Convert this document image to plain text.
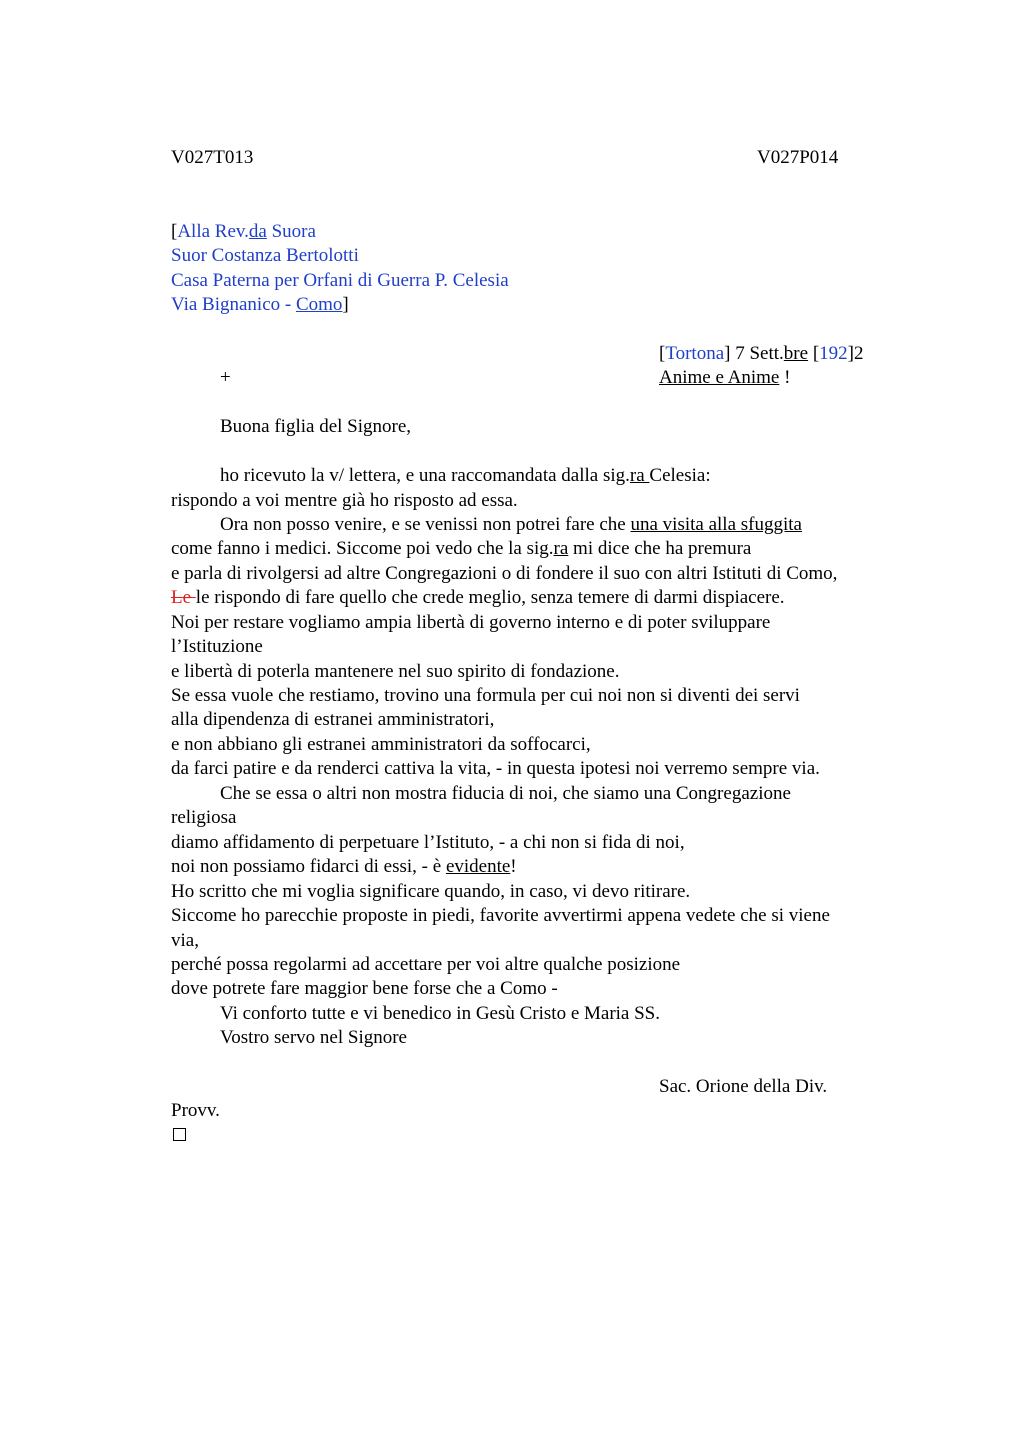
V027T013	V027P014
[Alla Rev.da Suora
Suor Costanza Bertolotti
Casa Paterna per Orfani di Guerra P. Celesia
Via Bignanico - Como]
[Tortona] 7 Sett.bre [192]2
+	Anime e Anime !
Buona figlia del Signore,
ho ricevuto la v/ lettera, e una raccomandata dalla sig.ra Celesia:
rispondo a voi mentre già ho risposto ad essa.
Ora non posso venire, e se venissi non potrei fare che una visita alla sfuggita
come fanno i medici. Siccome poi vedo che la sig.ra mi dice che ha premura
e parla di rivolgersi ad altre Congregazioni o di fondere il suo con altri Istituti di Como,
Le le rispondo di fare quello che crede meglio, senza temere di darmi dispiacere.
Noi per restare vogliamo ampia libertà di governo interno e di poter sviluppare
l’Istituzione
e libertà di poterla mantenere nel suo spirito di fondazione.
Se essa vuole che restiamo, trovino una formula per cui noi non si diventi dei servi
alla dipendenza di estranei amministratori,
e non abbiano gli estranei amministratori da soffocarci,
da farci patire e da renderci cattiva la vita, - in questa ipotesi noi verremo sempre via.
Che se essa o altri non mostra fiducia di noi, che siamo una Congregazione
religiosa
diamo affidamento di perpetuare l’Istituto, - a chi non si fida di noi,
noi non possiamo fidarci di essi, - è evidente!
Ho scritto che mi voglia significare quando, in caso, vi devo ritirare.
Siccome ho parecchie proposte in piedi, favorite avvertirmi appena vedete che si viene
via,
perché possa regolarmi ad accettare per voi altre qualche posizione
dove potrete fare maggior bene forse che a Como -
Vi conforto tutte e vi benedico in Gesù Cristo e Maria SS.
Vostro servo nel Signore
Sac. Orione della Div.
Provv.
